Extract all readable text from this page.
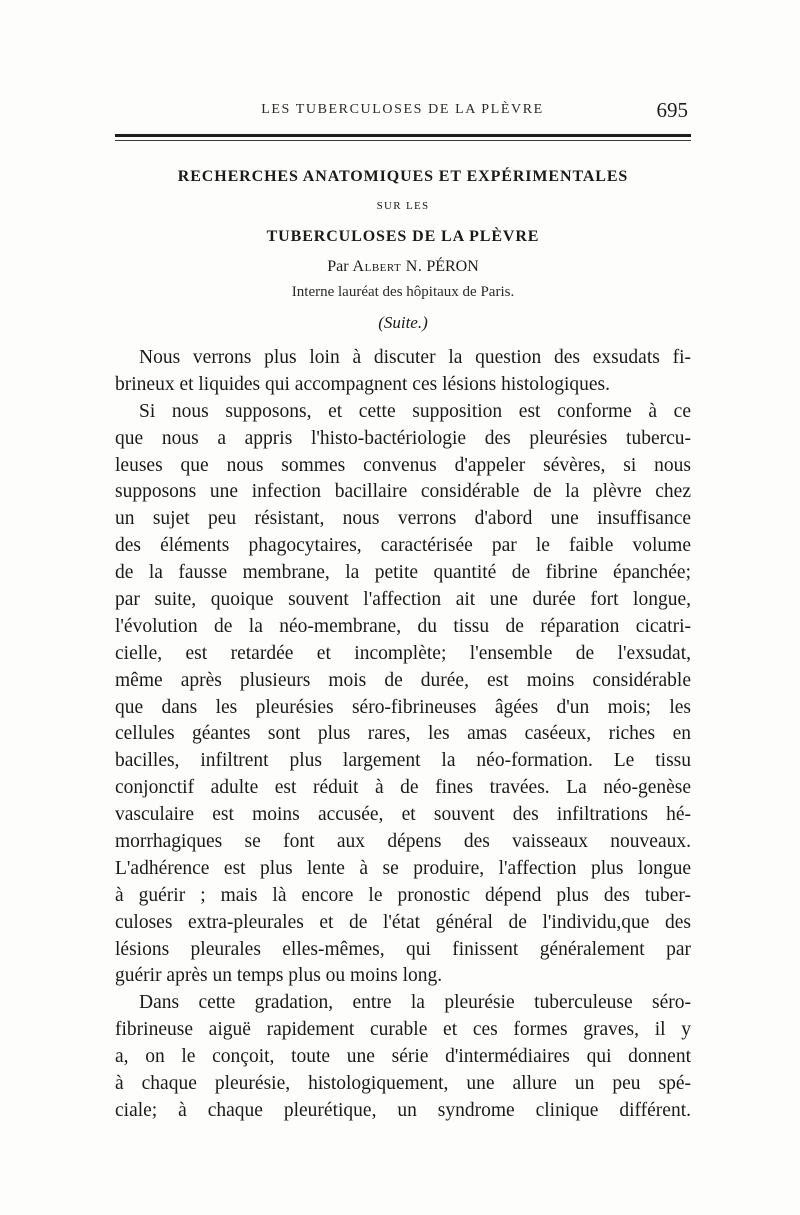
LES TUBERCULOSES DE LA PLÈVRE	695
RECHERCHES ANATOMIQUES ET EXPÉRIMENTALES
SUR LES
TUBERCULOSES DE LA PLÈVRE
Par Albert N. PÉRON
Interne lauréat des hôpitaux de Paris.
(Suite.)
Nous verrons plus loin à discuter la question des exsudats fi-
brineux et liquides qui accompagnent ces lésions histologiques.
Si nous supposons, et cette supposition est conforme à ce
que nous a appris l'histo-bactériologie des pleurésies tubercu-
leuses que nous sommes convenus d'appeler sévères, si nous
supposons une infection bacillaire considérable de la plèvre chez
un sujet peu résistant, nous verrons d'abord une insuffisance
des éléments phagocytaires, caractérisée par le faible volume
de la fausse membrane, la petite quantité de fibrine épanchée;
par suite, quoique souvent l'affection ait une durée fort longue,
l'évolution de la néo-membrane, du tissu de réparation cicatri-
cielle, est retardée et incomplète; l'ensemble de l'exsudat,
même après plusieurs mois de durée, est moins considérable
que dans les pleurésies séro-fibrineuses âgées d'un mois; les
cellules géantes sont plus rares, les amas caséeux, riches en
bacilles, infiltrent plus largement la néo-formation. Le tissu
conjonctif adulte est réduit à de fines travées. La néo-genèse
vasculaire est moins accusée, et souvent des infiltrations hé-
morrhagiques se font aux dépens des vaisseaux nouveaux.
L'adhérence est plus lente à se produire, l'affection plus longue
à guérir ; mais là encore le pronostic dépend plus des tuber-
culoses extra-pleurales et de l'état général de l'individu,que des
lésions pleurales elles-mêmes, qui finissent généralement par
guérir après un temps plus ou moins long.
Dans cette gradation, entre la pleurésie tuberculeuse séro-
fibrineuse aiguë rapidement curable et ces formes graves, il y
a, on le conçoit, toute une série d'intermédiaires qui donnent
à chaque pleurésie, histologiquement, une allure un peu spé-
ciale; à chaque pleurétique, un syndrome clinique différent.
